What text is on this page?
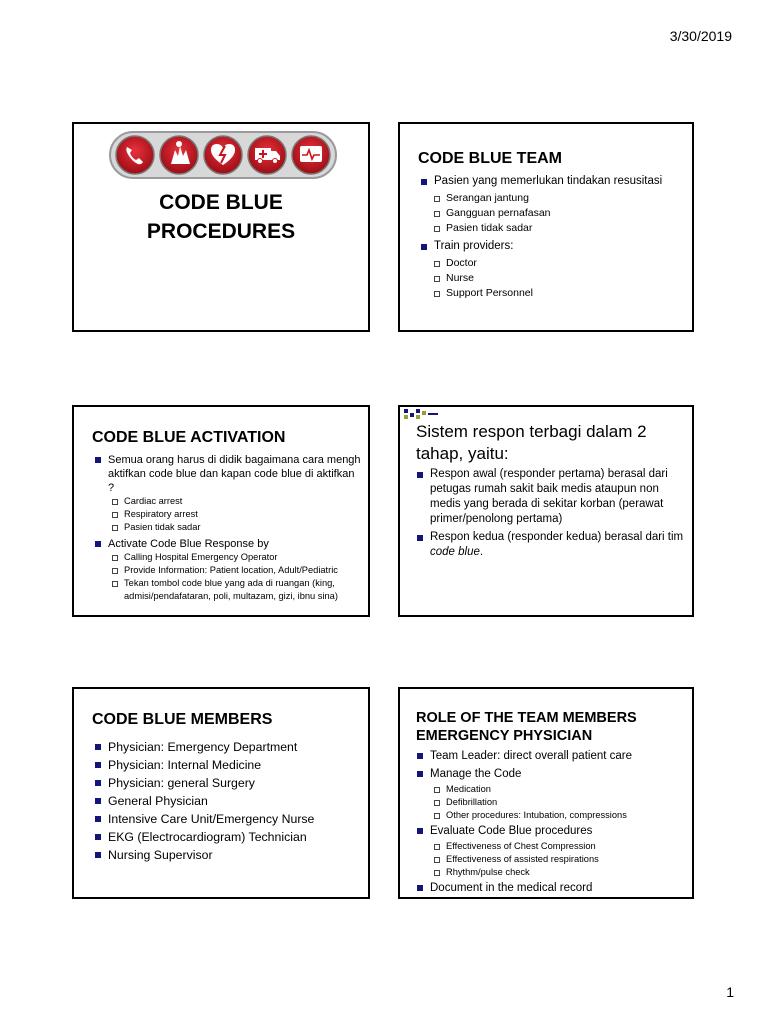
3/30/2019
CODE BLUE
PROCEDURES
CODE BLUE TEAM
Pasien yang memerlukan tindakan resusitasi
Serangan jantung
Gangguan pernafasan
Pasien tidak sadar
Train providers:
Doctor
Nurse
Support Personnel
CODE BLUE ACTIVATION
Semua orang harus di didik bagaimana cara mengh aktifkan code blue dan kapan code blue di aktifkan ?
Cardiac arrest
Respiratory arrest
Pasien tidak sadar
Activate Code Blue Response by
Calling Hospital Emergency Operator
Provide Information: Patient location, Adult/Pediatric
Tekan tombol code blue yang ada di ruangan (king, admisi/pendafataran, poli, multazam, gizi, ibnu sina)
Sistem respon terbagi dalam 2 tahap, yaitu:
Respon awal (responder pertama) berasal dari petugas rumah sakit baik medis ataupun non medis yang berada di sekitar korban (perawat primer/penolong pertama)
Respon kedua (responder kedua) berasal dari tim code blue.
CODE BLUE MEMBERS
Physician: Emergency Department
Physician: Internal Medicine
Physician: general Surgery
General Physician
Intensive Care Unit/Emergency Nurse
EKG (Electrocardiogram) Technician
Nursing Supervisor
ROLE OF THE TEAM MEMBERS
EMERGENCY PHYSICIAN
Team Leader: direct overall patient care
Manage the Code
Medication
Defibrillation
Other procedures: Intubation, compressions
Evaluate Code Blue procedures
Effectiveness of Chest Compression
Effectiveness of assisted respirations
Rhythm/pulse check
Document in the medical record
1
